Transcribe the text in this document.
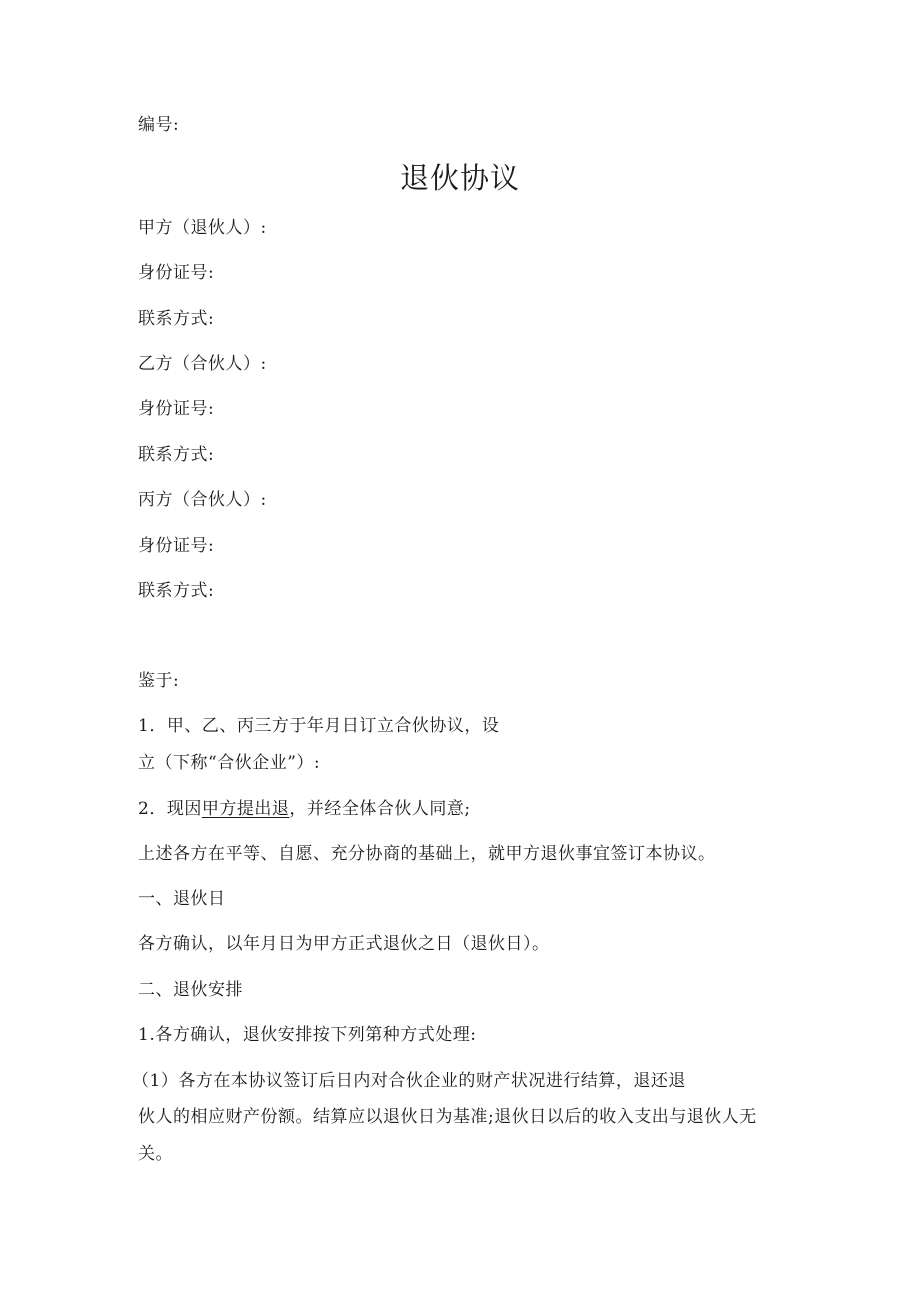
编号:
退伙协议
甲方（退伙人）:
身份证号:
联系方式:
乙方（合伙人）:
身份证号:
联系方式:
丙方（合伙人）:
身份证号:
联系方式:
鉴于:
1．甲、乙、丙三方于年月日订立合伙协议，设
立（下称“合伙企业”）:
2．现因甲方提出退，并经全体合伙人同意;
上述各方在平等、自愿、充分协商的基础上，就甲方退伙事宜签订本协议。
一、退伙日
各方确认，以年月日为甲方正式退伙之日（退伙日）。
二、退伙安排
1.各方确认，退伙安排按下列第种方式处理:
（1）各方在本协议签订后日内对合伙企业的财产状况进行结算，退还退
伙人的相应财产份额。结算应以退伙日为基准;退伙日以后的收入支出与退伙人无
关。
